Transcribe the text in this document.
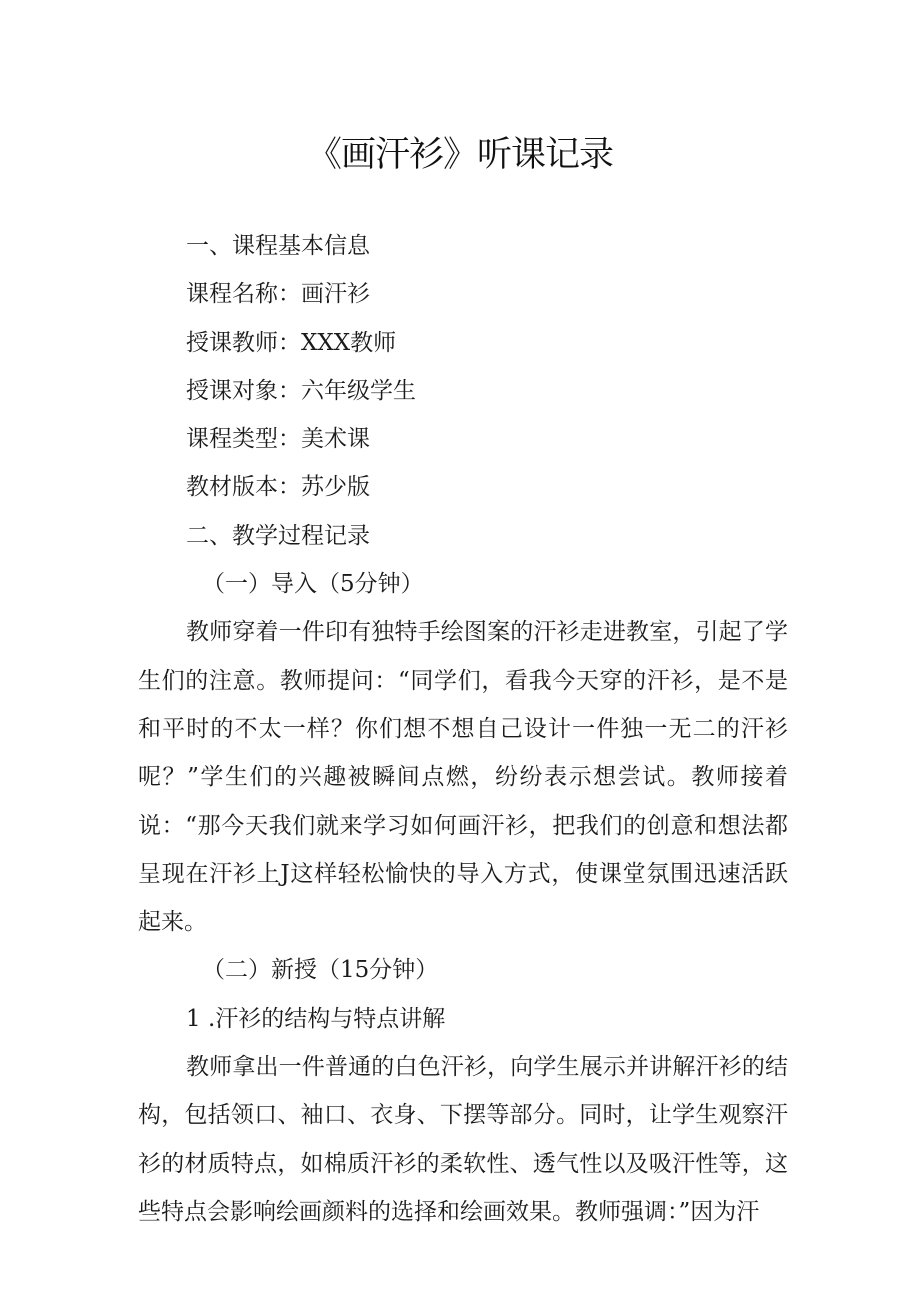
《画汗衫》听课记录
一、课程基本信息
课程名称：画汗衫
授课教师：XXX教师
授课对象：六年级学生
课程类型：美术课
教材版本：苏少版
二、教学过程记录
（一）导入（5分钟）

教师穿着一件印有独特手绘图案的汗衫走进教室，引起了学生们的注意。教师提问：“同学们，看我今天穿的汗衫，是不是和平时的不太一样？你们想不想自己设计一件独一无二的汗衫呢？”学生们的兴趣被瞬间点燃，纷纷表示想尝试。教师接着说：“那今天我们就来学习如何画汗衫，把我们的创意和想法都呈现在汗衫上J这样轻松愉快的导入方式，使课堂氛围迅速活跃起来。

（二）新授（15分钟）
1 .汗衫的结构与特点讲解

教师拿出一件普通的白色汗衫，向学生展示并讲解汗衫的结构，包括领口、袖口、衣身、下摆等部分。同时，让学生观察汗衫的材质特点，如棉质汗衫的柔软性、透气性以及吸汗性等，这些特点会影响绘画颜料的选择和绘画效果。教师强调：”因为汗
